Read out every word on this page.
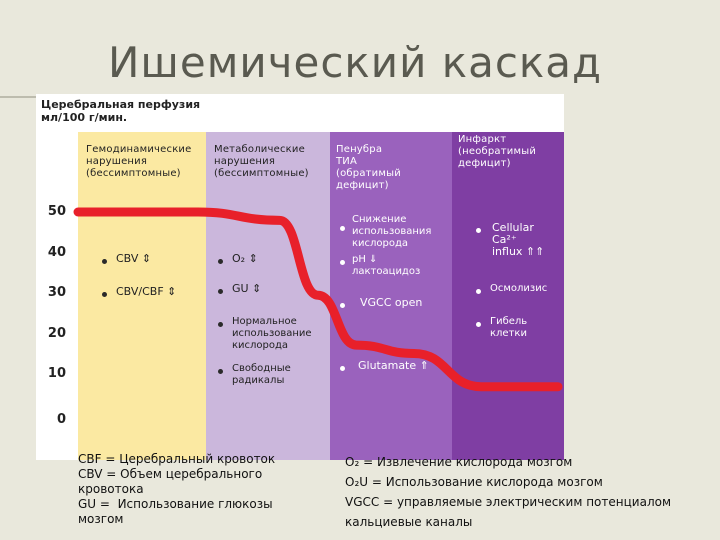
Ишемический каскад
Церебральная перфузия
мл/100 г/мин.
Гемодинамические
нарушения
(бессимптомные)
Метаболические
нарушения
(бессимптомные)
Пенубра
ТИА
(обратимый
дефицит)
Инфаркт
(необратимый
дефицит)
50
40
30
20
10
0
CBV ⇕
CBV/CBF ⇕
O₂ ⇕
GU ⇕
Нормальное
использование
кислорода
Свободные
радикалы
Снижение
использования
кислорода
pH ⇓
лактоацидоз
VGCC open
Glutamate ⇑
Cellular
Ca²⁺
influx ⇑⇑
Осмолизис
Гибель
клетки
CBF = Церебральный кровоток
CBV = Объем церебрального
кровотока
GU =  Использование глюкозы
мозгом
O₂ = Извлечение кислорода мозгом
O₂U = Использование кислорода мозгом
VGCC = управляемые электрическим потенциалом
кальциевые каналы
